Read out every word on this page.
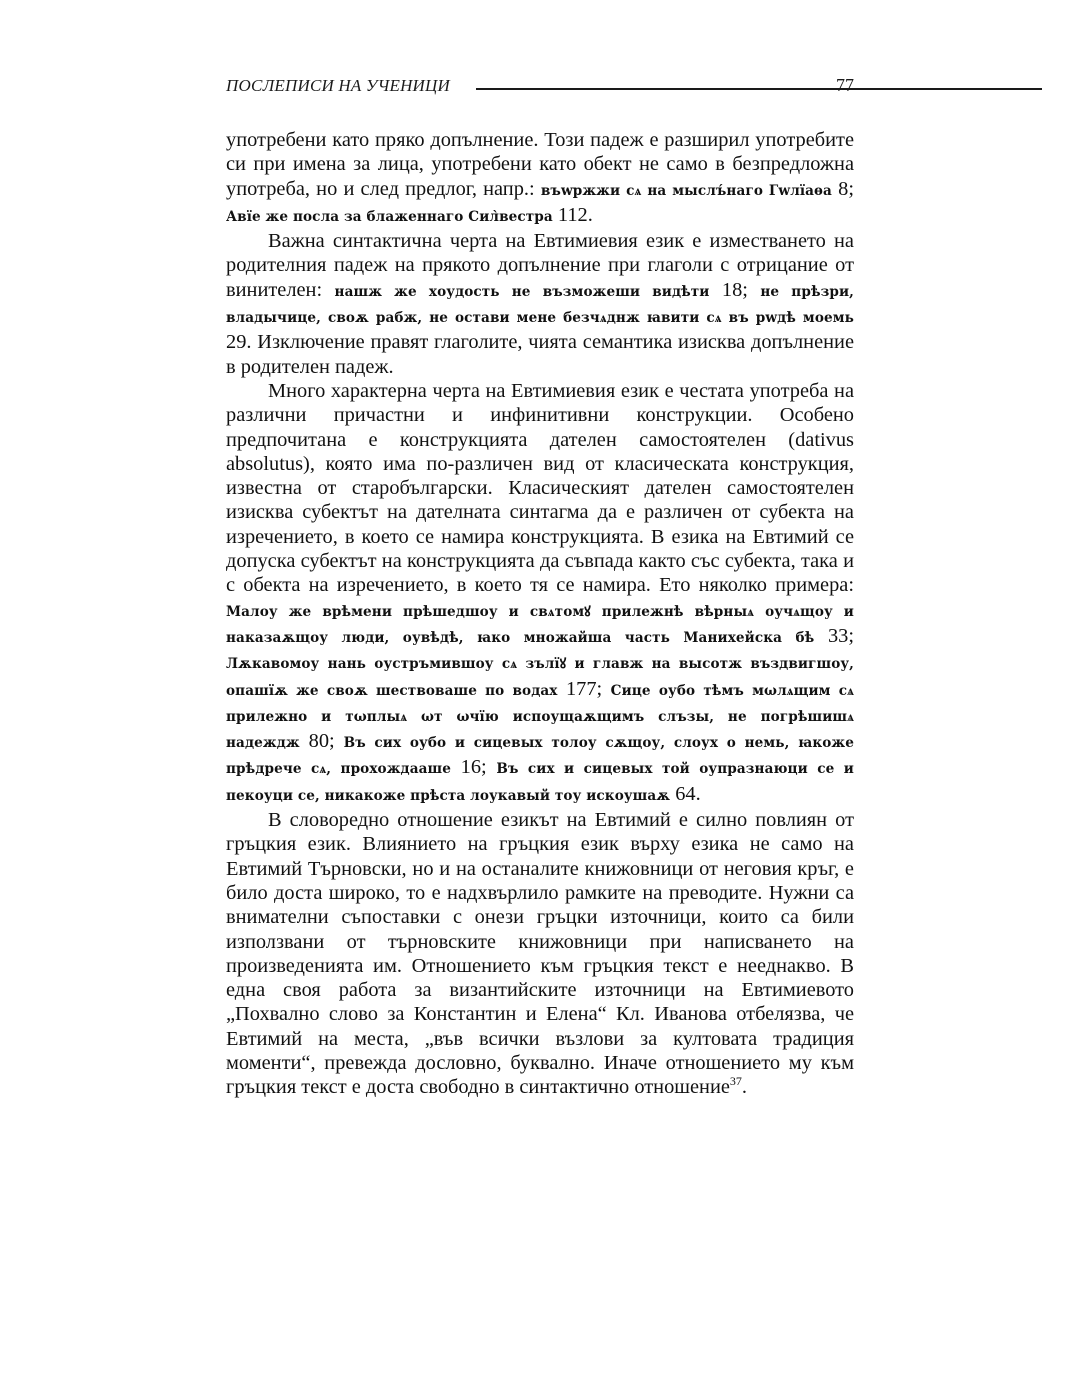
ПОСЛЕПИСИ НА УЧЕНИЦИ	77

употребени като пряко допълнение. Този падеж е разширил употребите си при имена за лица, употребени като обект не само в безпредложна употреба, но и след предлог, напр.: въwржжи сѧ на мыслъ́наго Гwлїаѳа 8; Авїе же посла за блаженнаго Сил̀вестра 112.

Важна синтактична черта на Евтимиевия език е изместването на родителния падеж на прякото допълнение при глаголи с отрицание от винителен: нашж же хоудость не възможеши видѣти 18; не прѣзри, владычице, своѫ рабж, не остави мене безчѧднж ꙗвити сѧ въ рwдѣ моемь 29. Изключение правят глаголите, чията семантика изисква допълнение в родителен падеж.

Много характерна черта на Евтимиевия език е честата употреба на различни причастни и инфинитивни конструкции. Особено предпочитана е конструкцията дателен самостоятелен (dativus absolutus), която има по-различен вид от класическата конструкция, известна от старобългарски. Класическият дателен самостоятелен изисква субектът на дателната синтагма да е различен от субекта на изречението, в което се намира конструкцията. В езика на Евтимий се допуска субектът на конструкцията да съвпада както със субекта, така и с обекта на изречението, в което тя се намира. Ето няколко примера: Малоу же врѣмени прѣшедшоу и свѧтомꙋ прилежнѣ вѣрныѧ оучѧщоу и наказаѫщоу люди, оувѣдѣ, ꙗко множайша часть Манихейска бѣ 33; Лѫкавомоу нань оустръмившоу сѧ зълїꙋ и главж на высотж въздвигшоу, опашїѫ же своѫ шествоваше по водах 177; Сице оубо тѣмъ мωлѧщим сѧ прилежно и тωплыѧ ωт ωчїю испоущаѫщимъ слъзы, не погрѣшишѧ надеждж 80; Въ сих оубо и сицевых толоу сѫщоу, слоух о немь, ꙗкоже прѣдрече сѧ, прохождааше 16; Въ сих и сицевых той оупразнаюци се и пекоуци се, никакоже прѣста лоукавый тоу искоушаѫ 64.

В словоредно отношение езикът на Евтимий е силно повлиян от гръцкия език. Влиянието на гръцкия език върху езика не само на Евтимий Търновски, но и на останалите книжовници от неговия кръг, е било доста широко, то е надхвърлило рамките на преводите. Нужни са внимателни съпоставки с онези гръцки източници, които са били използвани от търновските книжовници при написването на произведенията им. Отношението към гръцкия текст е нееднакво. В една своя работа за византийските източници на Евтимиевото „Похвално слово за Константин и Елена“ Кл. Иванова отбелязва, че Евтимий на места, „във всички възлови за култовата традиция моменти“, превежда дословно, буквално. Иначе отношението му към гръцкия текст е доста свободно в синтактично отношение$^{37}$.
